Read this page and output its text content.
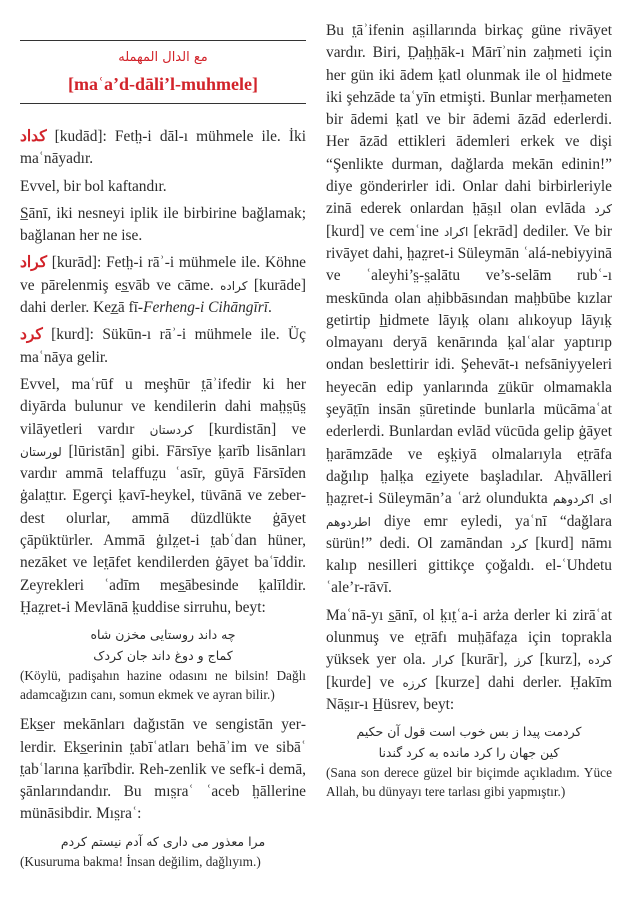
مع الدال المهمله
[maʿa’d-dāli’l-muhmele]

كداد [kudād]: Feth̤-i dāl-ı mühmele ile. İki maʿnāyadır.

Evvel, bir bol kaftandır.

S̲ānī, iki nesneyi iplik ile birbirine bağlamak; bağlanan her ne ise.

كراد [kurād]: Feth̤-i rāʾ-i mühmele ile. Köhne ve pārelenmiş es̲vāb ve cāme. كراده [kurāde] dahi derler. Kez̲ā fī-Ferheng-i Cihāngīrī.

كرد [kurd]: Sükūn-ı rāʾ-i mühmele ile. Üç maʿnāya gelir.

Evvel, maʿrūf u meşhūr t̤āʾifedir ki her diyārda bulunur ve kendilerin dahi mah̤s̤ūs̤ vilāyetleri vardır كردستان [kurdistān] ve لورستان [lūristān] gibi. Fārsīye k̤arīb lisānları vardır ammā telaffuz̤u ʿasīr, gūyā Fārsīden ġalat̤tır. Egerçi k̤avī-heykel, tüvānā ve zeber-dest olurlar, ammā düzdlükte ġāyet çāpüktürler. Ammā ġılz̤et-i t̤abʿdan hüner, nezāket ve let̤āfet kendilerden ġāyet baʿīddir. Zeyrekleri ʿadīm mes̲ābesinde k̤alīldir. H̤az̤ret-i Mevlānā k̤uddise sirruhu, beyt:

چه داند روستایی مخزن شاه
کماج و دوغ داند جان کردک

(Köylü, padişahın hazine odasını ne bilsin! Dağlı adamcağızın canı, somun ekmek ve ayran bilir.)

Eks̲er mekānları dağıstān ve sengistān yerlerdir. Eks̲erinin t̤abīʿatları behāʾim ve sibāʿ t̤abʿlarına k̤arībdir. Reh-zenlik ve sefk-i demā, şānlarındandır. Bu mıs̤raʿ ʿaceb h̤āllerine münāsibdir. Mıs̤raʿ:

مرا معذور می داری که آدم نیستم کردم

(Kusuruma bakma! İnsan değilim, dağlıyım.)

Bu t̤āʾifenin as̤illarında birkaç güne rivāyet vardır. Biri, D̤ah̤h̤āk-ı Mārīʾnin zah̤meti için her gün iki ādem k̤atl olunmak ile ol h̲idmete iki şehzāde taʿyīn etmişti. Bunlar merh̤ameten bir ādemi k̤atl ve bir ādemi āzād ederlerdi. Her āzād ettikleri ādemleri erkek ve dişi “Şenlikte durman, dağlarda mekān edinin!” diye gönderirler idi. Onlar dahi birbirleriyle zinā ederek onlardan h̤ās̤ıl olan evlāda كرد [kurd] ve cemʿine اكراد [ekrād] dediler. Ve bir rivāyet dahi, h̤az̤ret-i Süleymān ʿalá-nebiyyinā ve ʿaleyhi’s̤-s̤alātu ve’s-selām rubʿ-ı meskūnda olan ah̤ibbāsından mah̤būbe kızlar getirtip h̲idmete lāyık̤ olanı alıkoyup lāyık̤ olmayanı deryā kenārında k̤alʿalar yaptırıp ondan beslettirir idi. Şehevāt-ı nefsāniyyeleri heyecān edip yanlarında z̲ükūr olmamakla şeyāt̤īn insān s̤ūretinde bunlarla mücāmaʿat ederlerdi. Bunlardan evlād vücūda gelip ġāyet h̤arāmzāde ve eşk̤iyā olmalarıyla et̤rāfa dağılıp h̤alk̤a ez̲iyete başladılar. Ah̤vālleri h̤az̤ret-i Süleymān’a ʿarż olundukta اكردوهم اى اطردوهم diye emr eyledi, yaʿnī “dağlara sürün!” dedi. Ol zamāndan كرد [kurd] nāmı kalıp nesilleri gittikçe çoğaldı. el-ʿUhdetu ʿale’r-rāvī.

Maʿnā-yı s̲ānī, ol k̤ıt̤ʿa-i arża derler ki zirāʿat olunmuş ve et̤rāfı muh̤āfaz̤a için toprakla yüksek yer ola. كرار [kurār], كرز [kurz], كرده [kurde] ve كرزه [kurze] dahi derler. H̤akīm Nās̤ır-ı H̲üsrev, beyt:

کردمت پیدا ز بس خوب است قول آن حکیم
کین جهان را کرد مانده به کرد گندنا

(Sana son derece güzel bir biçimde açıkladım. Yüce Allah, bu dünyayı tere tarlası gibi yapmıştır.)
